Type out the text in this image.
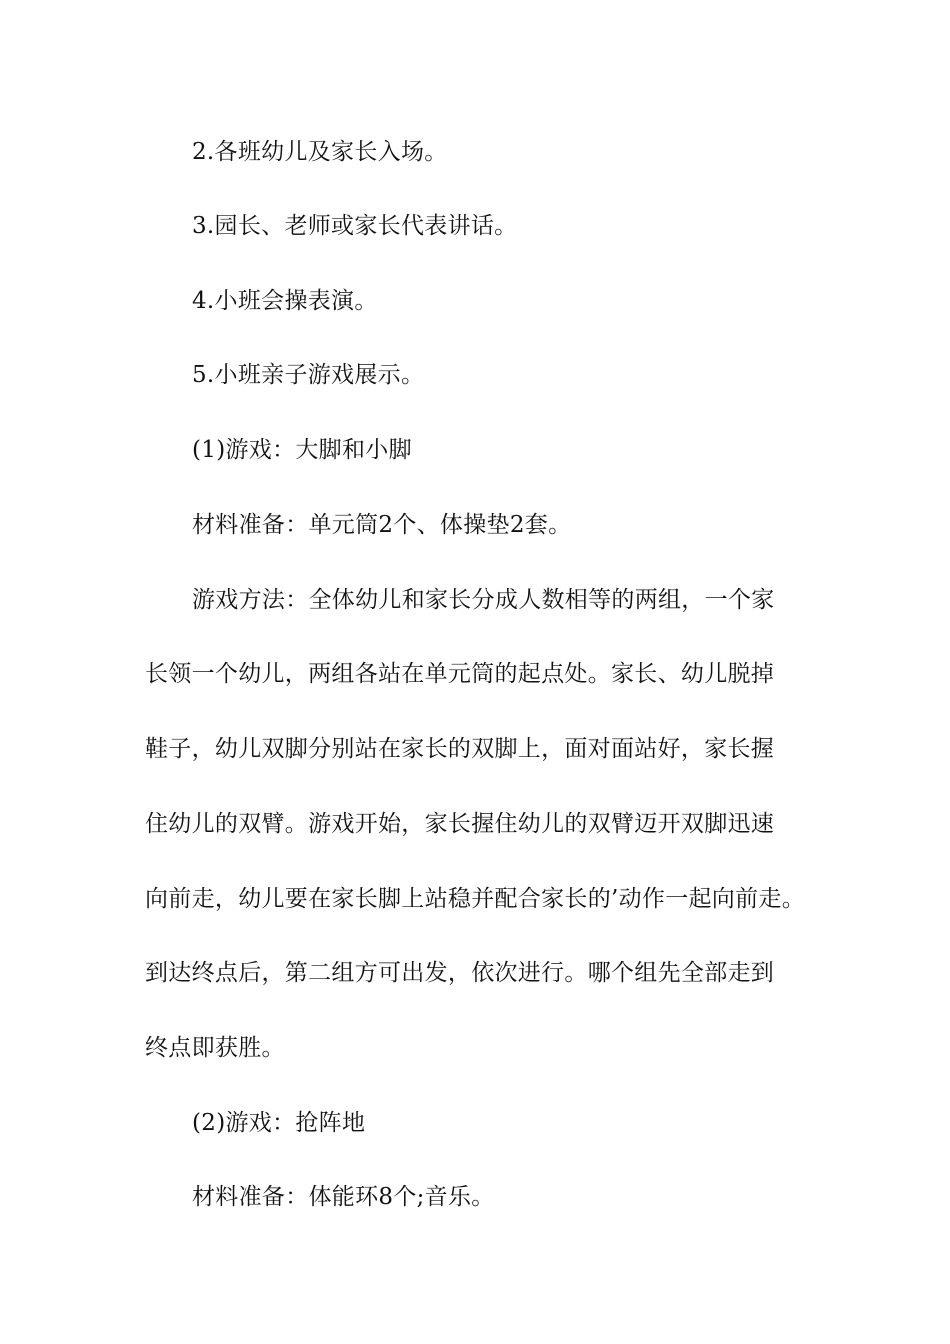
2.各班幼儿及家长入场。
3.园长、老师或家长代表讲话。
4.小班会操表演。
5.小班亲子游戏展示。
(1)游戏：大脚和小脚
材料准备：单元筒2个、体操垫2套。
游戏方法：全体幼儿和家长分成人数相等的两组，一个家
长领一个幼儿，两组各站在单元筒的起点处。家长、幼儿脱掉
鞋子，幼儿双脚分别站在家长的双脚上，面对面站好，家长握
住幼儿的双臂。游戏开始，家长握住幼儿的双臂迈开双脚迅速
向前走，幼儿要在家长脚上站稳并配合家长的’动作一起向前走。
到达终点后，第二组方可出发，依次进行。哪个组先全部走到
终点即获胜。
(2)游戏：抢阵地
材料准备：体能环8个;音乐。
